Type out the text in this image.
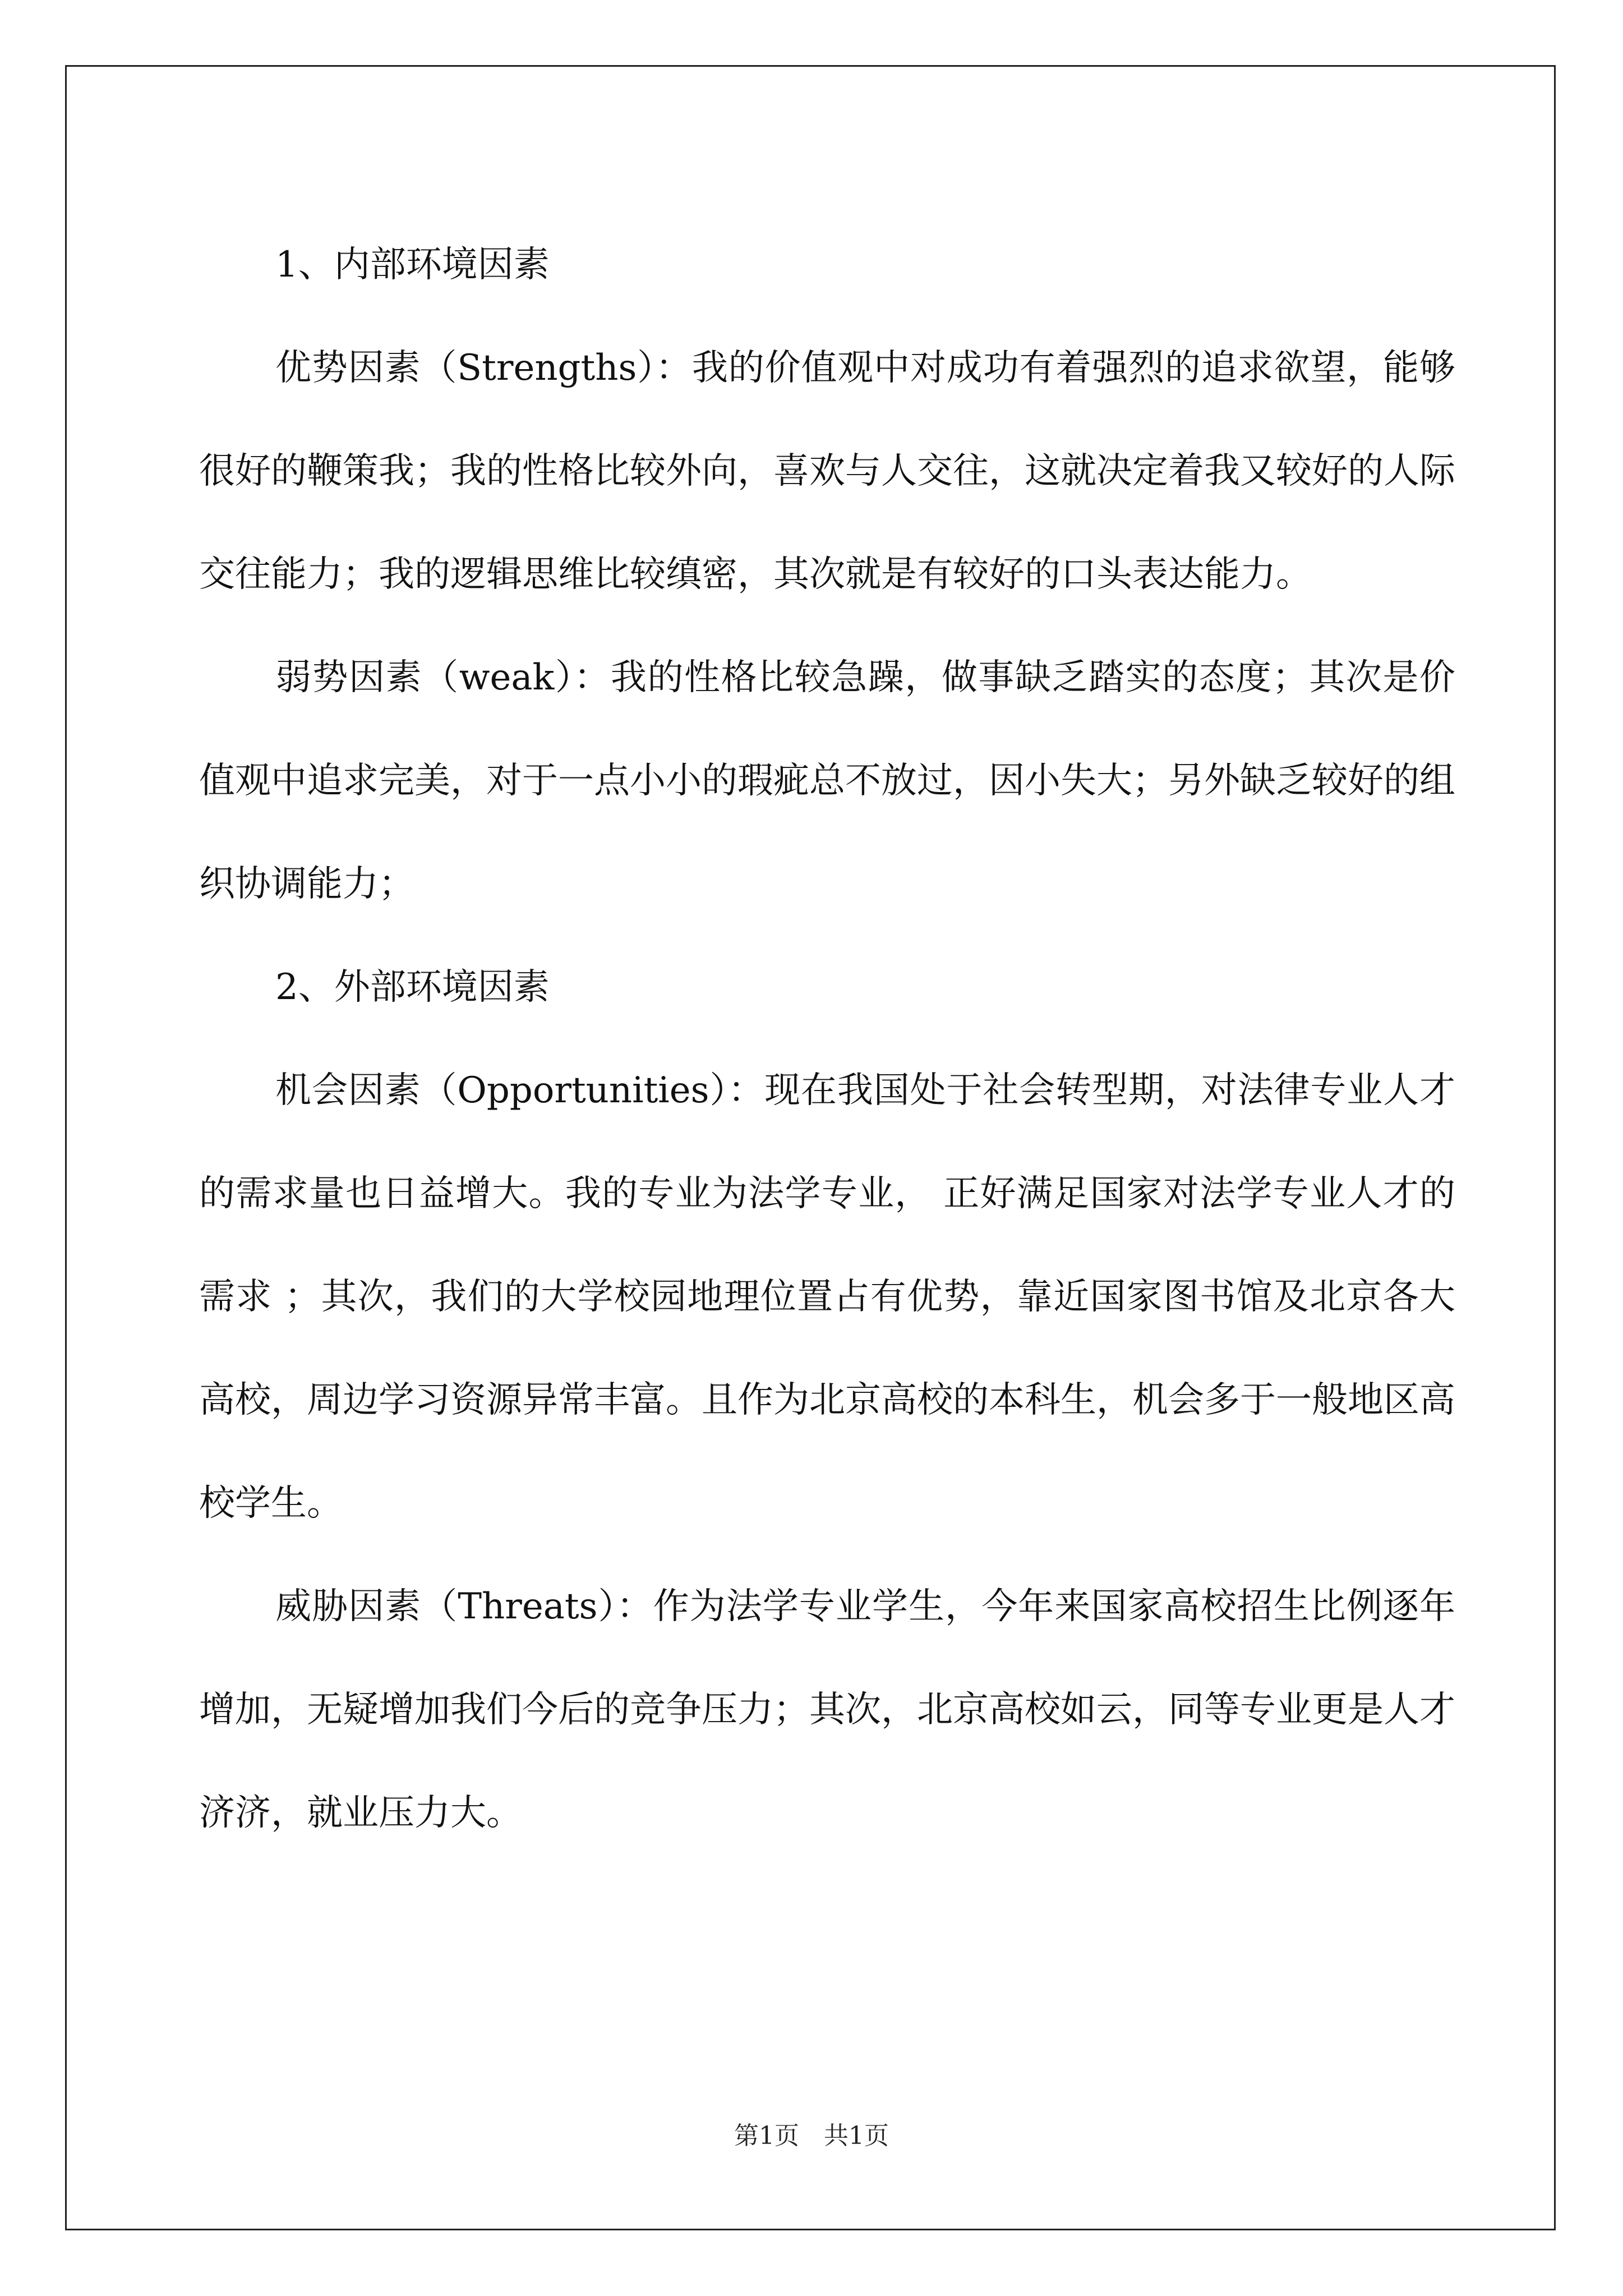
1、内部环境因素

优势因素（Strengths）：我的价值观中对成功有着强烈的追求欲望，能够很好的鞭策我；我的性格比较外向，喜欢与人交往，这就决定着我又较好的人际交往能力；我的逻辑思维比较缜密，其次就是有较好的口头表达能力。

弱势因素（weak）：我的性格比较急躁，做事缺乏踏实的态度；其次是价值观中追求完美，对于一点小小的瑕疵总不放过，因小失大；另外缺乏较好的组织协调能力；

2、外部环境因素

机会因素（Opportunities）：现在我国处于社会转型期，对法律专业人才的需求量也日益增大。我的专业为法学专业， 正好满足国家对法学专业人才的需求 ；其次，我们的大学校园地理位置占有优势，靠近国家图书馆及北京各大高校，周边学习资源异常丰富。且作为北京高校的本科生，机会多于一般地区高校学生。

威胁因素（Threats）：作为法学专业学生，今年来国家高校招生比例逐年增加，无疑增加我们今后的竞争压力；其次，北京高校如云，同等专业更是人才济济，就业压力大。

第1页　共1页
